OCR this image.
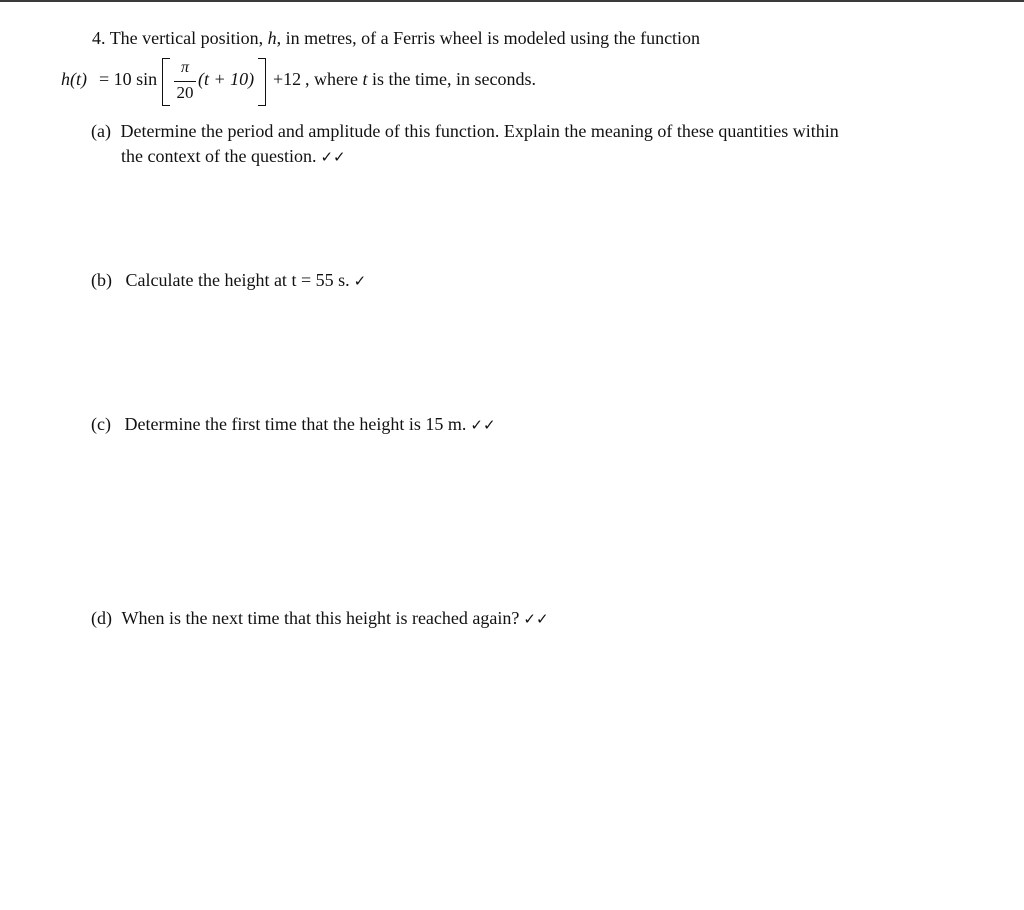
4. The vertical position, h, in metres, of a Ferris wheel is modeled using the function
h(t) = 10 sin
π
20
(t + 10) +12 , where t is the time, in seconds.
(a) Determine the period and amplitude of this function. Explain the meaning of these quantities within
the context of the question. ✓✓
(b) Calculate the height at t = 55 s. ✓
(c) Determine the first time that the height is 15 m. ✓✓
(d) When is the next time that this height is reached again? ✓✓
